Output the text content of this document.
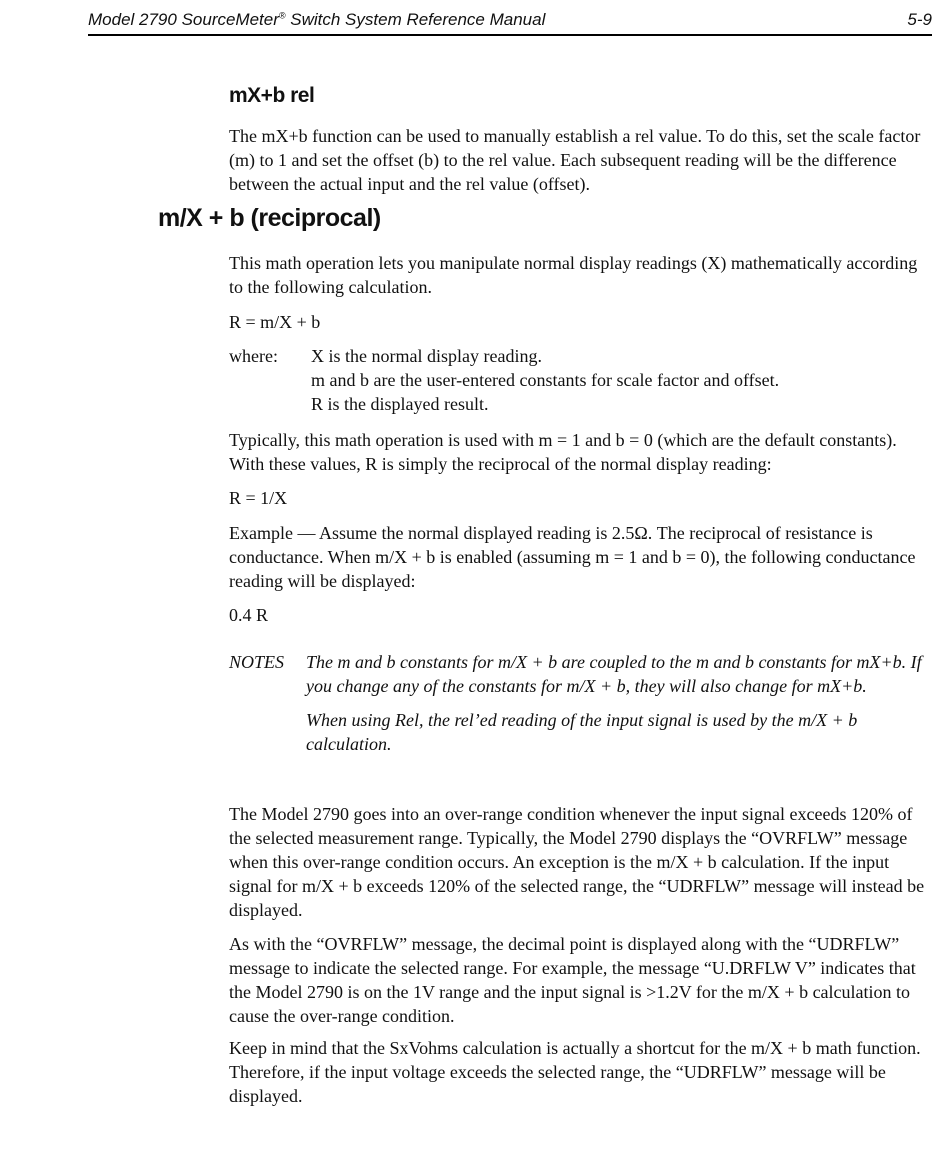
Model 2790 SourceMeter® Switch System Reference Manual	5-9
mX+b rel
The mX+b function can be used to manually establish a rel value. To do this, set the scale factor (m) to 1 and set the offset (b) to the rel value. Each subsequent reading will be the difference between the actual input and the rel value (offset).
m/X + b (reciprocal)
This math operation lets you manipulate normal display readings (X) mathematically according to the following calculation.
R = m/X + b
where: X is the normal display reading.
m and b are the user-entered constants for scale factor and offset.
R is the displayed result.
Typically, this math operation is used with m = 1 and b = 0 (which are the default constants). With these values, R is simply the reciprocal of the normal display reading:
R = 1/X
Example — Assume the normal displayed reading is 2.5Ω. The reciprocal of resistance is conductance. When m/X + b is enabled (assuming m = 1 and b = 0), the following conductance reading will be displayed:
0.4 R
NOTES The m and b constants for m/X + b are coupled to the m and b constants for mX+b. If you change any of the constants for m/X + b, they will also change for mX+b.
When using Rel, the rel’ed reading of the input signal is used by the m/X + b calculation.
The Model 2790 goes into an over-range condition whenever the input signal exceeds 120% of the selected measurement range. Typically, the Model 2790 displays the “OVRFLW” message when this over-range condition occurs. An exception is the m/X + b calculation. If the input signal for m/X + b exceeds 120% of the selected range, the “UDRFLW” message will instead be displayed.
As with the “OVRFLW” message, the decimal point is displayed along with the “UDRFLW” message to indicate the selected range. For example, the message “U.DRFLW V” indicates that the Model 2790 is on the 1V range and the input signal is >1.2V for the m/X + b calculation to cause the over-range condition.
Keep in mind that the SxVohms calculation is actually a shortcut for the m/X + b math function. Therefore, if the input voltage exceeds the selected range, the “UDRFLW” message will be displayed.
